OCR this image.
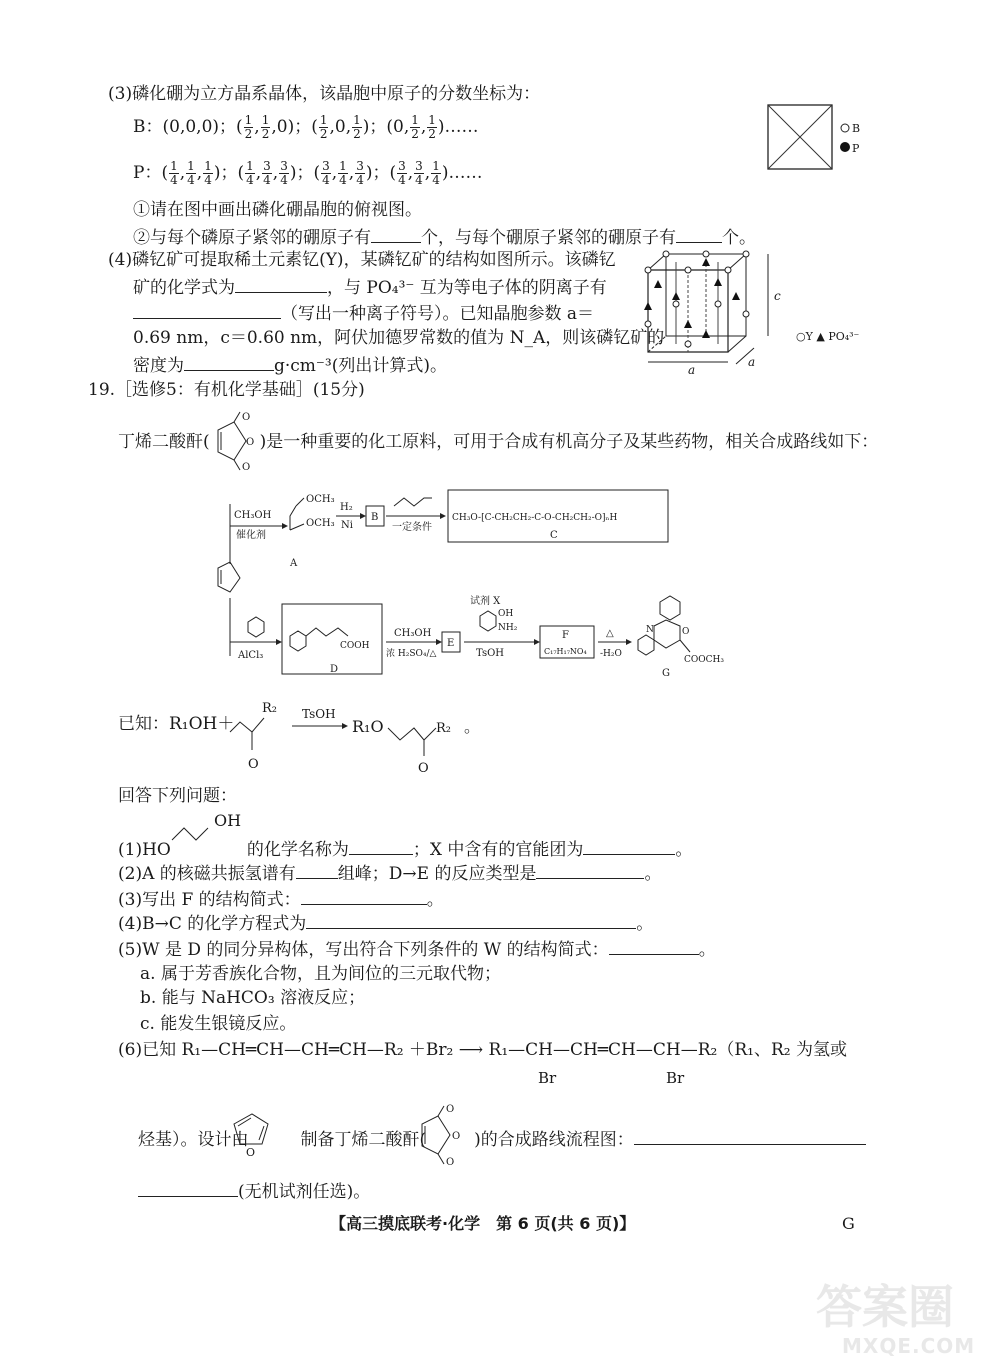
(3)磷化硼为立方晶系晶体，该晶胞中原子的分数坐标为：
B：(0,0,0)；( $\frac{1}{2}$ , $\frac{1}{2} ,0$)；( $\frac{1}{2} ,0$, $\frac{1}{2}$ )；(0, $\frac{1}{2}$ , $\frac{1}{2}$ )……
P：( $\frac{1}{4}$ , $\frac{1}{4}$ , $\frac{1}{4}$ )；( $\frac{1}{4}$ , $\frac{3}{4}$ , $\frac{3}{4}$ )；( $\frac{3}{4}$ , $\frac{1}{4}$ , $\frac{3}{4}$ )；( $\frac{3}{4}$ , $\frac{3}{4}$ , $\frac{1}{4}$ )……
①请在图中画出磷化硼晶胞的俯视图。
②与每个磷原子紧邻的硼原子有	个，与每个硼原子紧邻的硼原子有	个。
B
P
(4)磷钇矿可提取稀土元素钇(Y)，某磷钇矿的结构如图所示。该磷钇
矿的化学式为	，与 PO₄³⁻ 互为等电子体的阴离子有
（写出一种离子符号）。已知晶胞参数 a＝
0.69 nm，c＝0.60 nm，阿伏加德罗常数的值为 N_A，则该磷钇矿的
密度为	g·cm⁻³(列出计算式)。	a
a
c
○Y ▲ PO₄³⁻
19.［选修5：有机化学基础］(15分)
丁烯二酸酐(	)是一种重要的化工原料，可用于合成有机高分子及某些药物，相关合成路线如下：
O
O
O
CH₃OH
催化剂
OCH₃
OCH₃
A
H₂
Ni
B
一定条件
CH₃O-[C-CH₂CH₂-C-O-CH₂CH₂-O]ₙH
C
AlCl₃
COOH
D
CH₃OH
浓 H₂SO₄/△
E
试剂 X
OH
NH₂
TsOH
F
C₁₇H₁₇NO₄
△
-H₂O
N	O
COOCH₃
G
已知：R₁OH＋
R₂
O
TsOH
R₁O	R₂
O
。
回答下列问题：
(1)HO	的化学名称为	；X 中含有的官能团为	。
OH
(2)A 的核磁共振氢谱有 组峰；D→E 的反应类型是	。
(3)写出 F 的结构简式：	。
(4)B→C 的化学方程式为	。
(5)W 是 D 的同分异构体，写出符合下列条件的 W 的结构简式：	。
a. 属于芳香族化合物，且为间位的三元取代物；
b. 能与 NaHCO₃ 溶液反应；
c. 能发生银镜反应。
(6)已知 R₁—CH═CH—CH═CH—R₂ ＋Br₂ ⟶ R₁—CH—CH═CH—CH—R₂（R₁、R₂ 为氢或
Br	Br
烃基）。设计由	制备丁烯二酸酐(	)的合成路线流程图：
O
O
O
O
(无机试剂任选)。
【高三摸底联考·化学　第 6 页(共 6 页)】	G
答案圈
MXQE.COM
